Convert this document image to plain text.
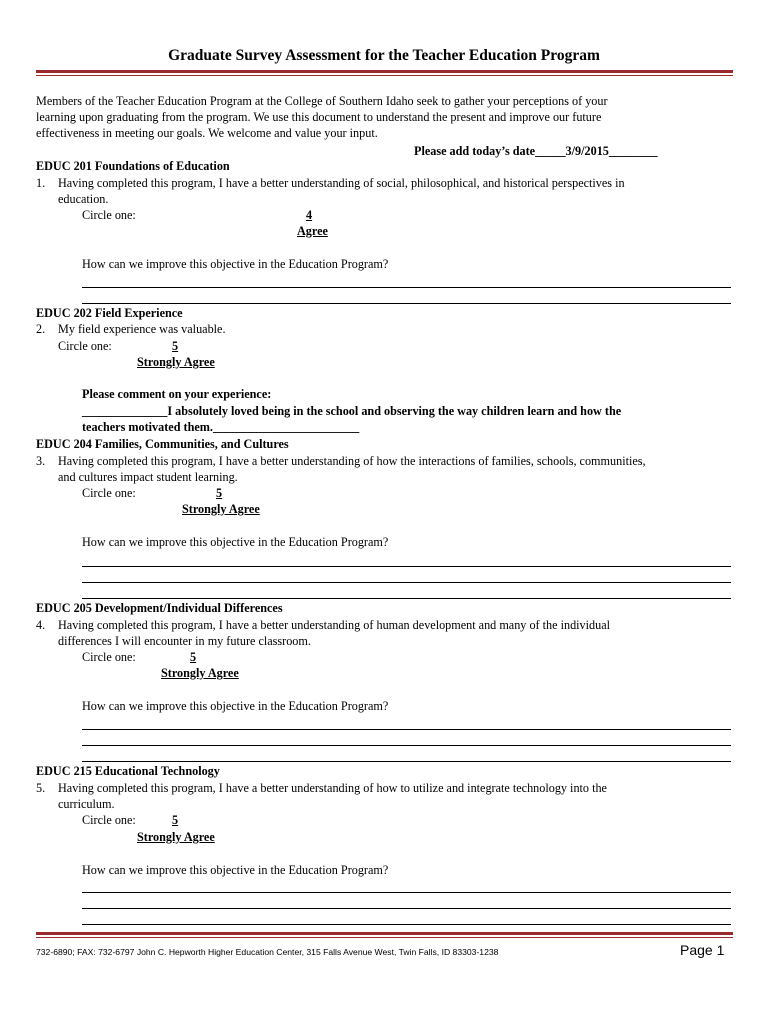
Graduate Survey Assessment for the Teacher Education Program
Members of the Teacher Education Program at the College of Southern Idaho seek to gather your perceptions of your
learning upon graduating from the program. We use this document to understand the present and improve our future
effectiveness in meeting our goals. We welcome and value your input.
Please add today’s date_____3/9/2015________
EDUC 201 Foundations of Education
1. Having completed this program, I have a better understanding of social, philosophical, and historical perspectives in
education.
Circle one:	4
Agree
How can we improve this objective in the Education Program?
EDUC 202 Field Experience
2. My field experience was valuable.
Circle one:	5
Strongly Agree
Please comment on your experience:
______________I absolutely loved being in the school and observing the way children learn and how the
teachers motivated them.________________________
EDUC 204 Families, Communities, and Cultures
3. Having completed this program, I have a better understanding of how the interactions of families, schools, communities,
and cultures impact student learning.
Circle one:	5
Strongly Agree
How can we improve this objective in the Education Program?
EDUC 205 Development/Individual Differences
4. Having completed this program, I have a better understanding of human development and many of the individual
differences I will encounter in my future classroom.
Circle one:	5
Strongly Agree
How can we improve this objective in the Education Program?
EDUC 215 Educational Technology
5. Having completed this program, I have a better understanding of how to utilize and integrate technology into the
curriculum.
Circle one:	5
Strongly Agree
How can we improve this objective in the Education Program?
732-6890; FAX: 732-6797 John C. Hepworth Higher Education Center, 315 Falls Avenue West, Twin Falls, ID 83303-1238	Page 1
